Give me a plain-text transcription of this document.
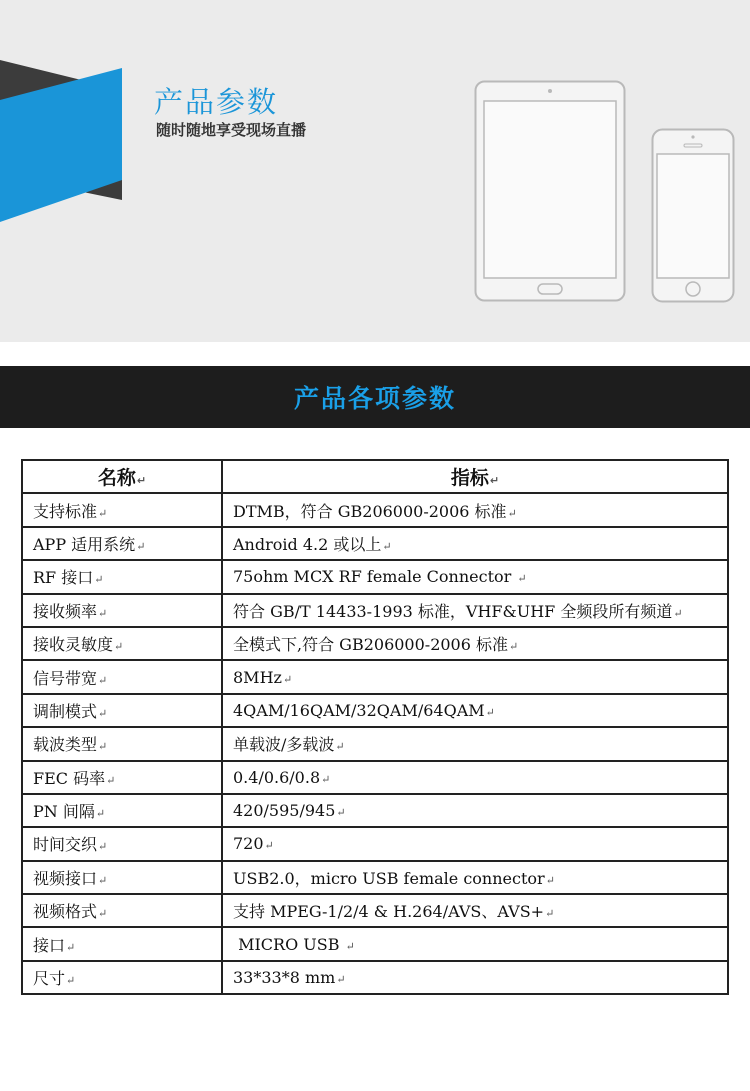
产品参数
随时随地享受现场直播
产品各项参数
名称 ↵	指标 ↵
支持标准 ↵	DTMB，符合 GB206000-2006 标准 ↵
APP 适用系统 ↵	Android 4.2 或以上 ↵
RF 接口 ↵	75ohm MCX RF female Connector ↵
接收频率 ↵	符合 GB/T 14433-1993 标准，VHF&UHF 全频段所有频道 ↵
接收灵敏度 ↵	全模式下,符合 GB206000-2006 标准 ↵
信号带宽 ↵	8MHz ↵
调制模式 ↵	4QAM/16QAM/32QAM/64QAM ↵
载波类型 ↵	单载波/多载波 ↵
FEC 码率 ↵	0.4/0.6/0.8 ↵
PN 间隔 ↵	420/595/945 ↵
时间交织 ↵	720 ↵
视频接口 ↵	USB2.0，micro USB female connector ↵
视频格式 ↵	支持 MPEG-1/2/4 & H.264/AVS、AVS+ ↵
接口 ↵	MICRO USB  ↵
尺寸 ↵	33*33*8 mm ↵
